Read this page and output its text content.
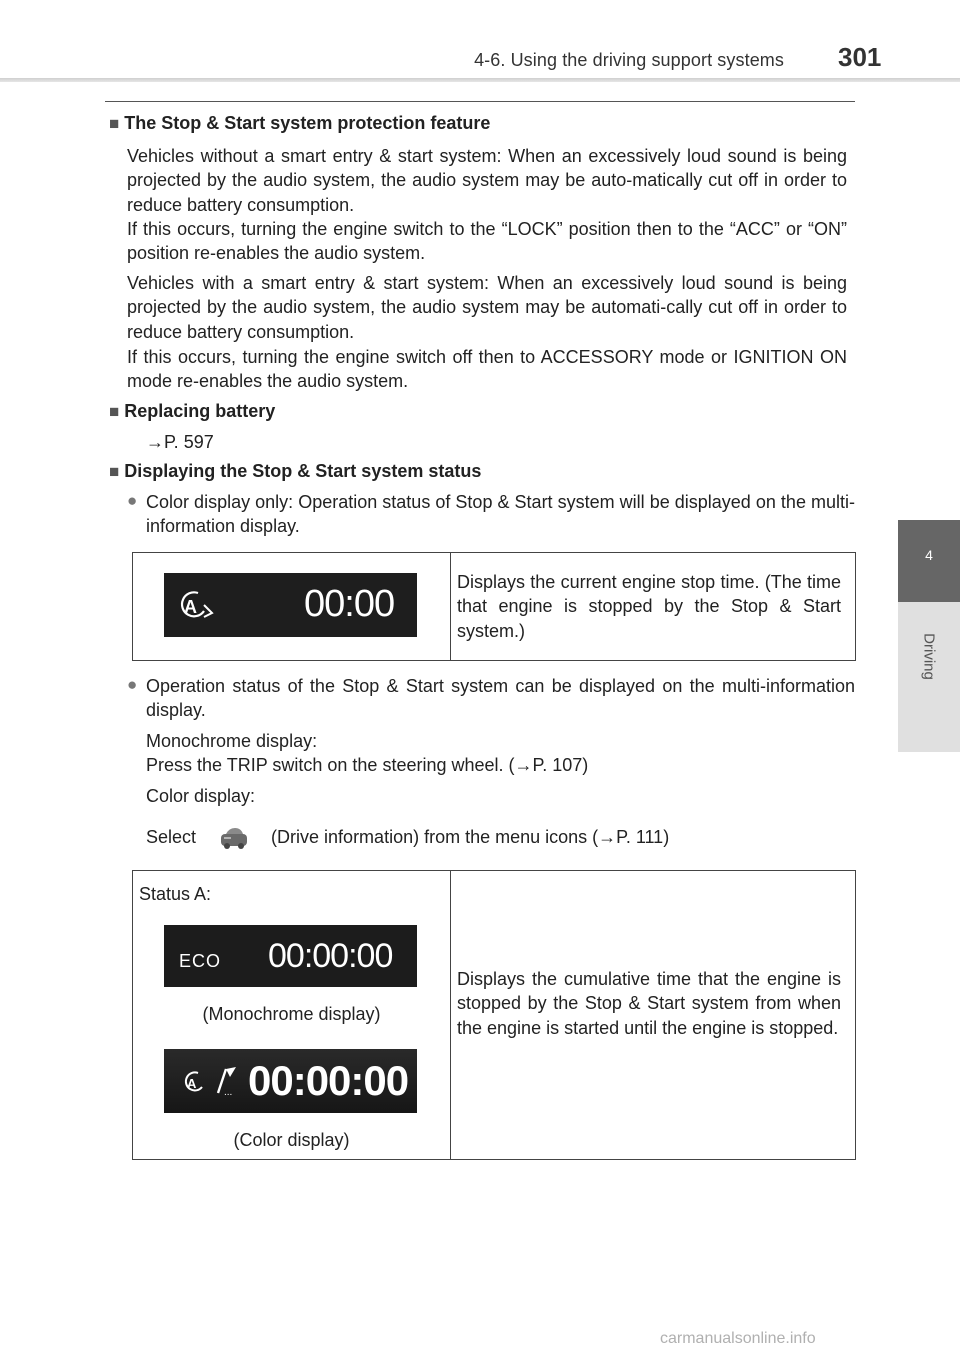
4-6. Using the driving support systems 301
4
Driving
■ The Stop & Start system protection feature
Vehicles without a smart entry & start system: When an excessively loud sound is being projected by the audio system, the audio system may be auto-matically cut off in order to reduce battery consumption.
If this occurs, turning the engine switch to the “LOCK” position then to the “ACC” or “ON” position re-enables the audio system.
Vehicles with a smart entry & start system: When an excessively loud sound is being projected by the audio system, the audio system may be automati-cally cut off in order to reduce battery consumption.
If this occurs, turning the engine switch off then to ACCESSORY mode or IGNITION ON mode re-enables the audio system.
■ Replacing battery
→P. 597
■ Displaying the Stop & Start system status
● Color display only: Operation status of Stop & Start system will be displayed on the multi-information display.
A	00:00
Displays the current engine stop time. (The time that engine is stopped by the Stop & Start system.)
● Operation status of the Stop & Start system can be displayed on the multi-information display.
Monochrome display:
Press the TRIP switch on the steering wheel. (→P. 107)
Color display:
Select	(Drive information) from the menu icons (→P. 111)
Status A:
ECO 00:00:00
A
... 00:00:00
(Monochrome display)
(Color display)
Displays the cumulative time that the engine is stopped by the Stop & Start system from when the engine is started until the engine is stopped.
carmanualsonline.info
